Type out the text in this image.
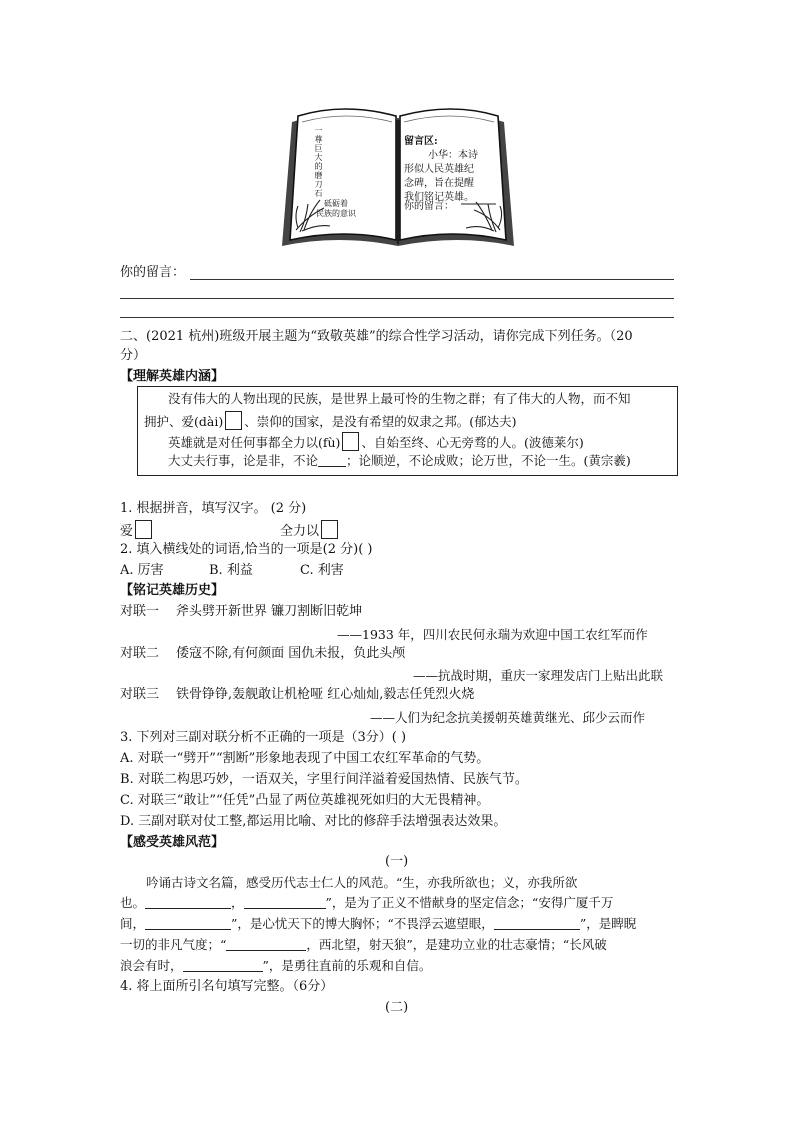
一尊巨大的磨刀石
砥砺着
民族的意识
留言区:
小华：本诗
形似人民英雄纪
念碑，旨在提醒
我们铭记英雄。
你的留言：
你的留言：
二、(2021 杭州)班级开展主题为“致敬英雄”的综合性学习活动，请你完成下列任务。（20
分）
【理解英雄内涵】
没有伟大的人物出现的民族，是世界上最可怜的生物之群；有了伟大的人物，而不知
拥护、爱(dài) 、崇仰的国家，是没有希望的奴隶之邦。(郁达夫)
英雄就是对任何事都全力以(fù) 、自始至终、心无旁骛的人。(波德莱尔)
大丈夫行事，论是非，不论 ；论顺逆，不论成败；论万世，不论一生。(黄宗羲)
1. 根据拼音，填写汉字。 (2 分)
爱	全力以
2. 填入横线处的词语,恰当的一项是(2 分)( )
A. 厉害	B. 利益	C. 利害
【铭记英雄历史】
对联一 斧头劈开新世界 镰刀割断旧乾坤
——1933 年，四川农民何永瑞为欢迎中国工农红军而作
对联二 倭寇不除,有何颜面 国仇未报，负此头颅
——抗战时期，重庆一家理发店门上贴出此联
对联三 铁骨铮铮,轰舰敢让机枪哑 红心灿灿,毅志任凭烈火烧
——人们为纪念抗美援朝英雄黄继光、邱少云而作
3. 下列对三副对联分析不正确的一项是（3分）( )
A. 对联一“劈开”“割断”形象地表现了中国工农红军革命的气势。
B. 对联二构思巧妙，一语双关，字里行间洋溢着爱国热情、民族气节。
C. 对联三“敢让”“任凭”凸显了两位英雄视死如归的大无畏精神。
D. 三副对联对仗工整,都运用比喻、对比的修辞手法增强表达效果。
【感受英雄风范】
(一)
吟诵古诗文名篇，感受历代志士仁人的风范。“生，亦我所欲也；义，亦我所欲
也。	，	”，是为了正义不惜献身的坚定信念；“安得广厦千万
间，	”，是心忧天下的博大胸怀；“不畏浮云遮望眼，	”，是睥睨
一切的非凡气度；“	，西北望，射天狼”，是建功立业的壮志豪情；“长风破
浪会有时，	”，是勇往直前的乐观和自信。
4. 将上面所引名句填写完整。（6分）
(二)
